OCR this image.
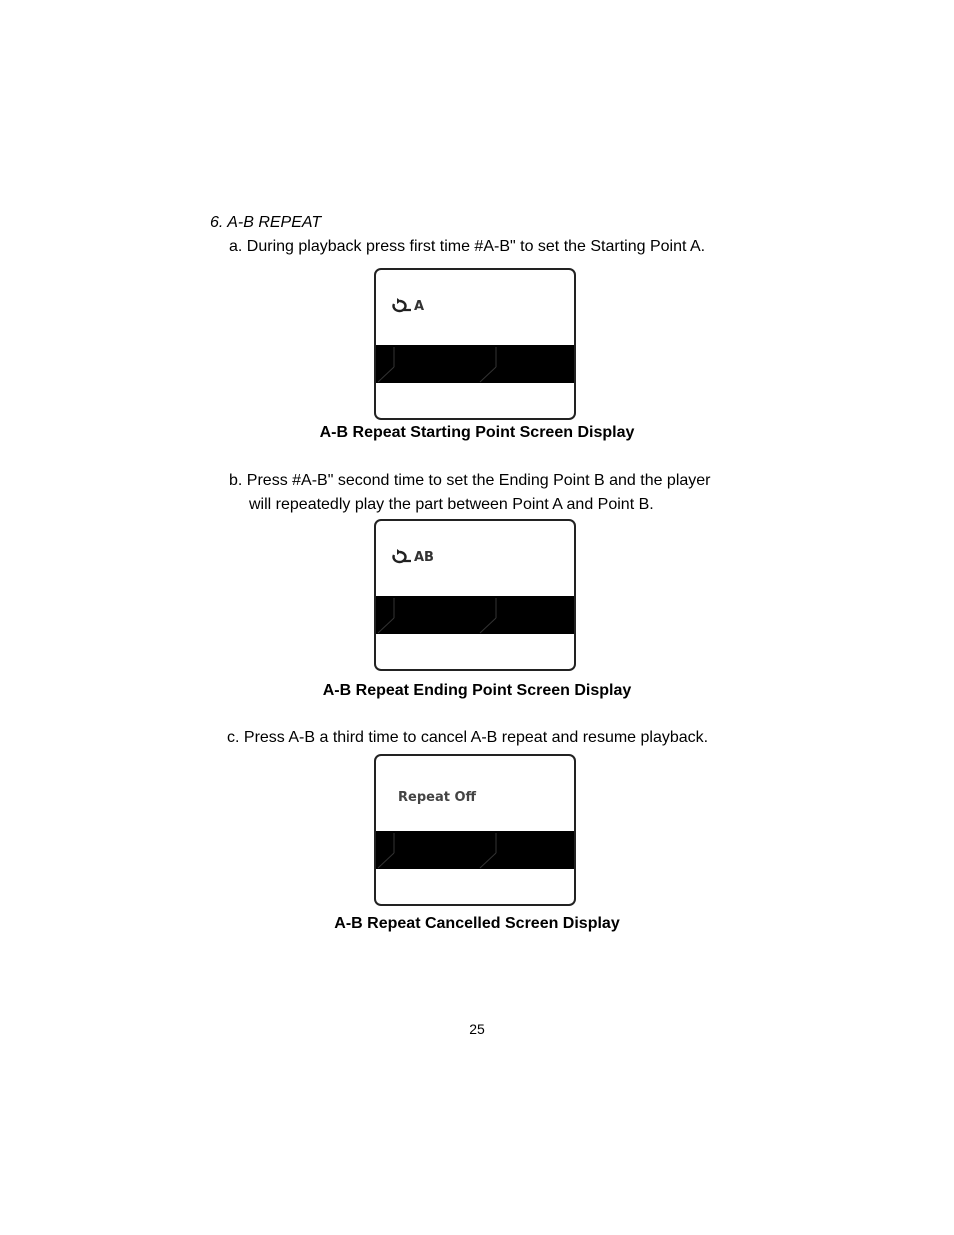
6. A-B REPEAT
a. During playback press first time #A-B" to set the Starting Point A.
A
A-B Repeat Starting Point Screen Display
b. Press #A-B" second time to set the Ending Point B and the player
will repeatedly play the part between Point A and Point B.
AB
A-B Repeat Ending Point Screen Display
c. Press A-B a third time to cancel A-B repeat and resume playback.
Repeat Off
A-B Repeat Cancelled Screen Display
25
